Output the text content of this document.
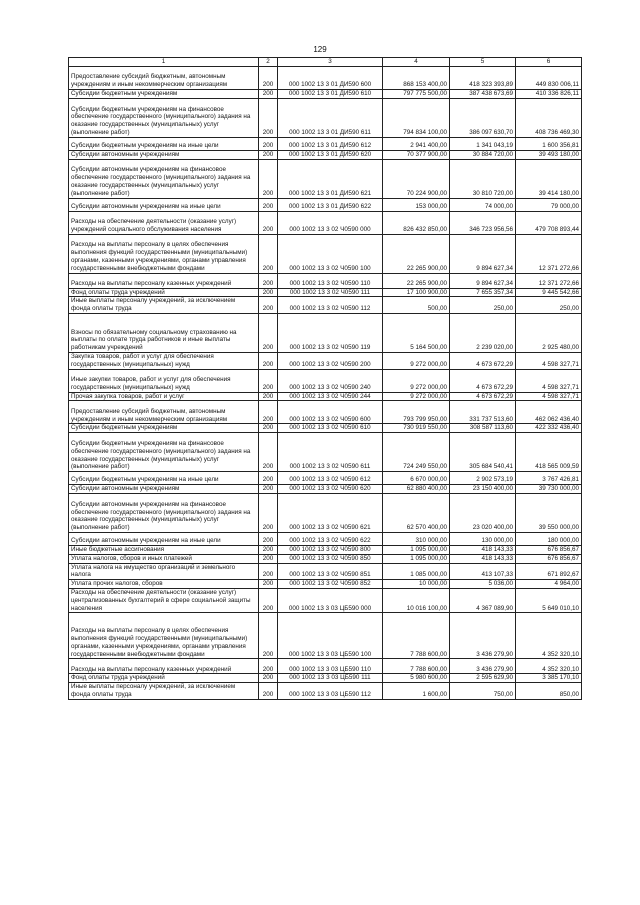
129
1	2	3	4	5	6
Предоставление субсидий бюджетным, автономным учреждениям и иным некоммерческим организациям	200	000 1002 13 3 01 ДИ590 600	868 153 400,00	418 323 393,89	449 830 006,11
Субсидии бюджетным учреждениям	200	000 1002 13 3 01 ДИ590 610	797 775 500,00	387 438 673,69	410 336 826,11
Субсидии бюджетным учреждениям на финансовое обеспечение государственного (муниципального) задания на оказание государственных (муниципальных) услуг (выполнение работ)	200	000 1002 13 3 01 ДИ590 611	794 834 100,00	386 097 630,70	408 736 469,30
Субсидии бюджетным учреждениям на иные цели	200	000 1002 13 3 01 ДИ590 612	2 941 400,00	1 341 043,19	1 600 356,81
Субсидии автономным учреждениям	200	000 1002 13 3 01 ДИ590 620	70 377 900,00	30 884 720,00	39 493 180,00
Субсидии автономным учреждениям на финансовое обеспечение государственного (муниципального) задания на оказание государственных (муниципальных) услуг (выполнение работ)	200	000 1002 13 3 01 ДИ590 621	70 224 900,00	30 810 720,00	39 414 180,00
Субсидии автономным учреждениям на иные цели	200	000 1002 13 3 01 ДИ590 622	153 000,00	74 000,00	79 000,00
Расходы на обеспечение деятельности (оказание услуг) учреждений социального обслуживания населения	200	000 1002 13 3 02 Ч0590 000	826 432 850,00	346 723 956,56	479 708 893,44
Расходы на выплаты персоналу в целях обеспечения выполнения функций государственными (муниципальными) органами, казенными учреждениями, органами управления государственными внебюджетными фондами	200	000 1002 13 3 02 Ч0590 100	22 265 900,00	9 894 627,34	12 371 272,66
Расходы на выплаты персоналу казенных учреждений	200	000 1002 13 3 02 Ч0590 110	22 265 900,00	9 894 627,34	12 371 272,66
Фонд оплаты труда учреждений	200	000 1002 13 3 02 Ч0590 111	17 100 900,00	7 655 357,34	9 445 542,66
Иные выплаты персоналу учреждений, за исключением фонда оплаты труда	200	000 1002 13 3 02 Ч0590 112	500,00	250,00	250,00
Взносы по обязательному социальному страхованию на выплаты по оплате труда работников и иные выплаты работникам учреждений	200	000 1002 13 3 02 Ч0590 119	5 164 500,00	2 239 020,00	2 925 480,00
Закупка товаров, работ и услуг для обеспечения государственных (муниципальных) нужд	200	000 1002 13 3 02 Ч0590 200	9 272 000,00	4 673 672,29	4 598 327,71
Иные закупки товаров, работ и услуг для обеспечения государственных (муниципальных) нужд	200	000 1002 13 3 02 Ч0590 240	9 272 000,00	4 673 672,29	4 598 327,71
Прочая закупка товаров, работ и услуг	200	000 1002 13 3 02 Ч0590 244	9 272 000,00	4 673 672,29	4 598 327,71
Предоставление субсидий бюджетным, автономным учреждениям и иным некоммерческим организациям	200	000 1002 13 3 02 Ч0590 600	793 799 950,00	331 737 513,60	462 062 436,40
Субсидии бюджетным учреждениям	200	000 1002 13 3 02 Ч0590 610	730 919 550,00	308 587 113,60	422 332 436,40
Субсидии бюджетным учреждениям на финансовое обеспечение государственного (муниципального) задания на оказание государственных (муниципальных) услуг (выполнение работ)	200	000 1002 13 3 02 Ч0590 611	724 249 550,00	305 684 540,41	418 565 009,59
Субсидии бюджетным учреждениям на иные цели	200	000 1002 13 3 02 Ч0590 612	6 670 000,00	2 902 573,19	3 767 426,81
Субсидии автономным учреждениям	200	000 1002 13 3 02 Ч0590 620	62 880 400,00	23 150 400,00	39 730 000,00
Субсидии автономным учреждениям на финансовое обеспечение государственного (муниципального) задания на оказание государственных (муниципальных) услуг (выполнение работ)	200	000 1002 13 3 02 Ч0590 621	62 570 400,00	23 020 400,00	39 550 000,00
Субсидии автономным учреждениям на иные цели	200	000 1002 13 3 02 Ч0590 622	310 000,00	130 000,00	180 000,00
Иные бюджетные ассигнования	200	000 1002 13 3 02 Ч0590 800	1 095 000,00	418 143,33	676 856,67
Уплата налогов, сборов и иных платежей	200	000 1002 13 3 02 Ч0590 850	1 095 000,00	418 143,33	676 856,67
Уплата налога на имущество организаций и земельного налога	200	000 1002 13 3 02 Ч0590 851	1 085 000,00	413 107,33	671 892,67
Уплата прочих налогов, сборов	200	000 1002 13 3 02 Ч0590 852	10 000,00	5 036,00	4 964,00
Расходы на обеспечение деятельности (оказание услуг) централизованных бухгалтерий в сфере социальной защиты населения	200	000 1002 13 3 03 ЦБ590 000	10 016 100,00	4 367 089,90	5 649 010,10
Расходы на выплаты персоналу в целях обеспечения выполнения функций государственными (муниципальными) органами, казенными учреждениями, органами управления государственными внебюджетными фондами	200	000 1002 13 3 03 ЦБ590 100	7 788 600,00	3 436 279,90	4 352 320,10
Расходы на выплаты персоналу казенных учреждений	200	000 1002 13 3 03 ЦБ590 110	7 788 600,00	3 436 279,90	4 352 320,10
Фонд оплаты труда учреждений	200	000 1002 13 3 03 ЦБ590 111	5 980 600,00	2 595 629,90	3 385 170,10
Иные выплаты персоналу учреждений, за исключением фонда оплаты труда	200	000 1002 13 3 03 ЦБ590 112	1 600,00	750,00	850,00
